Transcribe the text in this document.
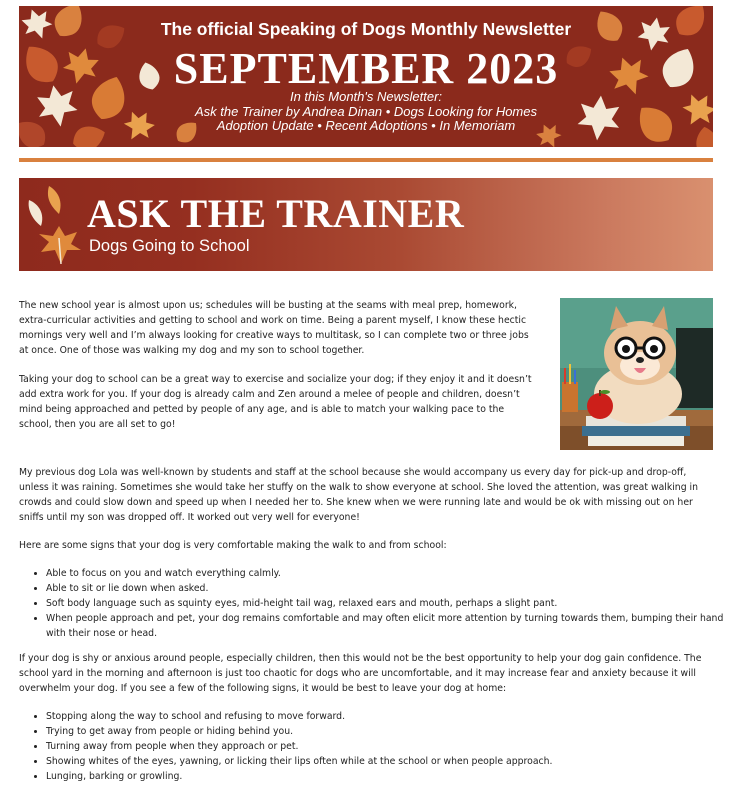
The official Speaking of Dogs Monthly Newsletter
SEPTEMBER 2023
In this Month's Newsletter:
Ask the Trainer by Andrea Dinan • Dogs Looking for Homes
Adoption Update • Recent Adoptions • In Memoriam
ASK THE TRAINER
Dogs Going to School

The new school year is almost upon us; schedules will be busting at the seams with meal prep, homework, extra-curricular activities and getting to school and work on time. Being a parent myself, I know these hectic mornings very well and I’m always looking for creative ways to multitask, so I can complete two or three jobs at once. One of those was walking my dog and my son to school together.

Taking your dog to school can be a great way to exercise and socialize your dog; if they enjoy it and it doesn’t add extra work for you. If your dog is already calm and Zen around a melee of people and children, doesn’t mind being approached and petted by people of any age, and is able to match your walking pace to the school, then you are all set to go!

My previous dog Lola was well-known by students and staff at the school because she would accompany us every day for pick-up and drop-off, unless it was raining. Sometimes she would take her stuffy on the walk to show everyone at school. She loved the attention, was great walking in crowds and could slow down and speed up when I needed her to. She knew when we were running late and would be ok with missing out on her sniffs until my son was dropped off. It worked out very well for everyone!

Here are some signs that your dog is very comfortable making the walk to and from school:

• Able to focus on you and watch everything calmly.
• Able to sit or lie down when asked.
• Soft body language such as squinty eyes, mid-height tail wag, relaxed ears and mouth, perhaps a slight pant.
• When people approach and pet, your dog remains comfortable and may often elicit more attention by turning towards them, bumping their hand with their nose or head.

If your dog is shy or anxious around people, especially children, then this would not be the best opportunity to help your dog gain confidence. The school yard in the morning and afternoon is just too chaotic for dogs who are uncomfortable, and it may increase fear and anxiety because it will overwhelm your dog. If you see a few of the following signs, it would be best to leave your dog at home:

• Stopping along the way to school and refusing to move forward.
• Trying to get away from people or hiding behind you.
• Turning away from people when they approach or pet.
• Showing whites of the eyes, yawning, or licking their lips often while at the school or when people approach.
• Lunging, barking or growling.
